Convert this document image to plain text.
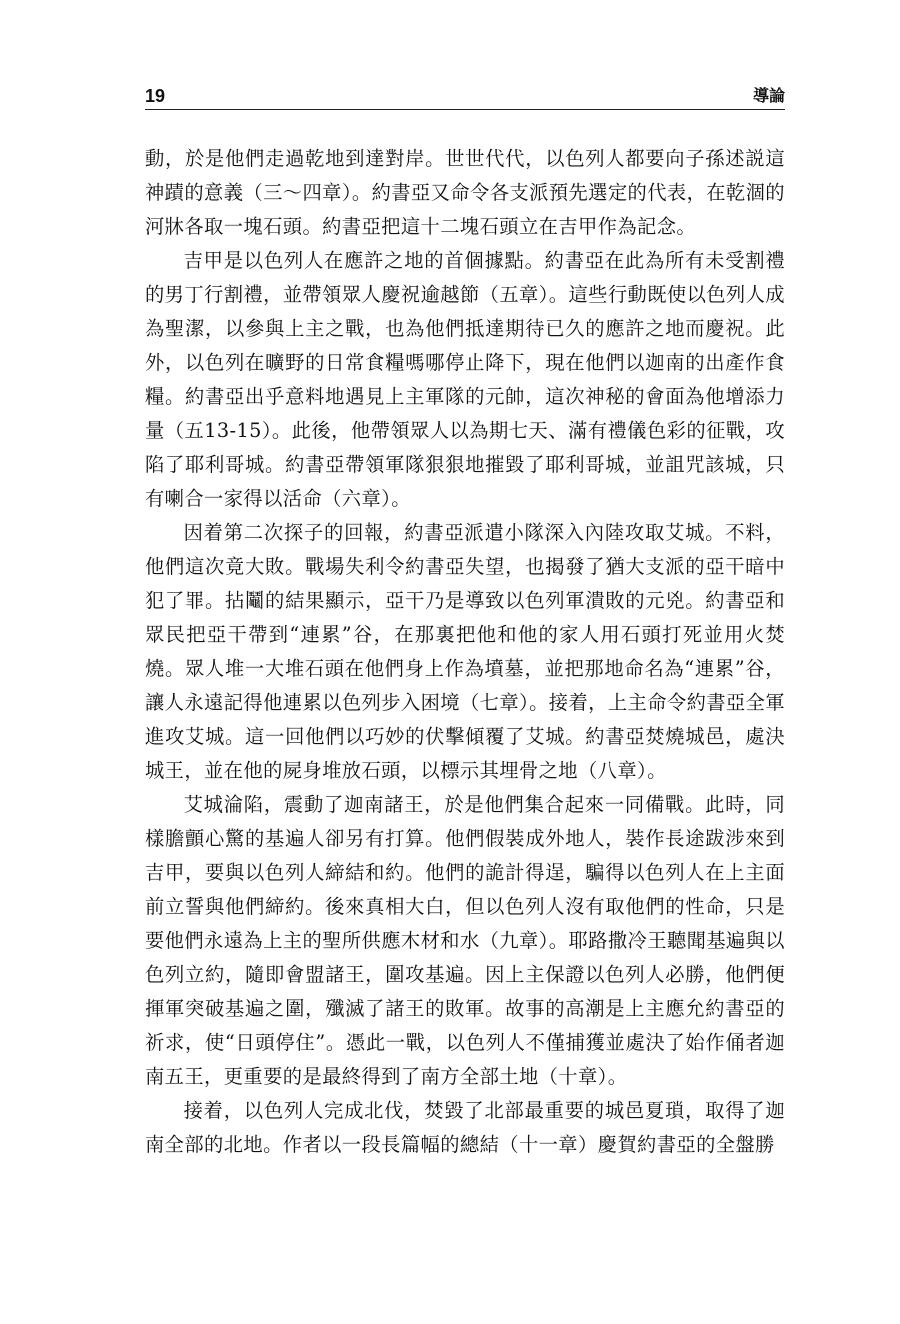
19	導論

動，於是他們走過乾地到達對岸。世世代代，以色列人都要向子孫述説這神蹟的意義（三～四章）。約書亞又命令各支派預先選定的代表，在乾涸的河牀各取一塊石頭。約書亞把這十二塊石頭立在吉甲作為記念。

吉甲是以色列人在應許之地的首個據點。約書亞在此為所有未受割禮的男丁行割禮，並帶領眾人慶祝逾越節（五章）。這些行動既使以色列人成為聖潔，以參與上主之戰，也為他們抵達期待已久的應許之地而慶祝。此外，以色列在曠野的日常食糧嗎哪停止降下，現在他們以迦南的出產作食糧。約書亞出乎意料地遇見上主軍隊的元帥，這次神秘的會面為他增添力量（五13-15）。此後，他帶領眾人以為期七天、滿有禮儀色彩的征戰，攻陷了耶利哥城。約書亞帶領軍隊狠狠地摧毀了耶利哥城，並詛咒該城，只有喇合一家得以活命（六章）。

因着第二次探子的回報，約書亞派遣小隊深入內陸攻取艾城。不料，他們這次竟大敗。戰場失利令約書亞失望，也揭發了猶大支派的亞干暗中犯了罪。拈鬮的結果顯示，亞干乃是導致以色列軍潰敗的元兇。約書亞和眾民把亞干帶到“連累”谷，在那裏把他和他的家人用石頭打死並用火焚燒。眾人堆一大堆石頭在他們身上作為墳墓，並把那地命名為“連累”谷，讓人永遠記得他連累以色列步入困境（七章）。接着，上主命令約書亞全軍進攻艾城。這一回他們以巧妙的伏擊傾覆了艾城。約書亞焚燒城邑，處決城王，並在他的屍身堆放石頭，以標示其埋骨之地（八章）。

艾城淪陷，震動了迦南諸王，於是他們集合起來一同備戰。此時，同樣膽顫心驚的基遍人卻另有打算。他們假裝成外地人，裝作長途跋涉來到吉甲，要與以色列人締結和約。他們的詭計得逞，騙得以色列人在上主面前立誓與他們締約。後來真相大白，但以色列人沒有取他們的性命，只是要他們永遠為上主的聖所供應木材和水（九章）。耶路撒冷王聽聞基遍與以色列立約，隨即會盟諸王，圍攻基遍。因上主保證以色列人必勝，他們便揮軍突破基遍之圍，殲滅了諸王的敗軍。故事的高潮是上主應允約書亞的祈求，使“日頭停住”。憑此一戰，以色列人不僅捕獲並處決了始作俑者迦南五王，更重要的是最終得到了南方全部土地（十章）。

接着，以色列人完成北伐，焚毀了北部最重要的城邑夏瑣，取得了迦南全部的北地。作者以一段長篇幅的總結（十一章）慶賀約書亞的全盤勝
